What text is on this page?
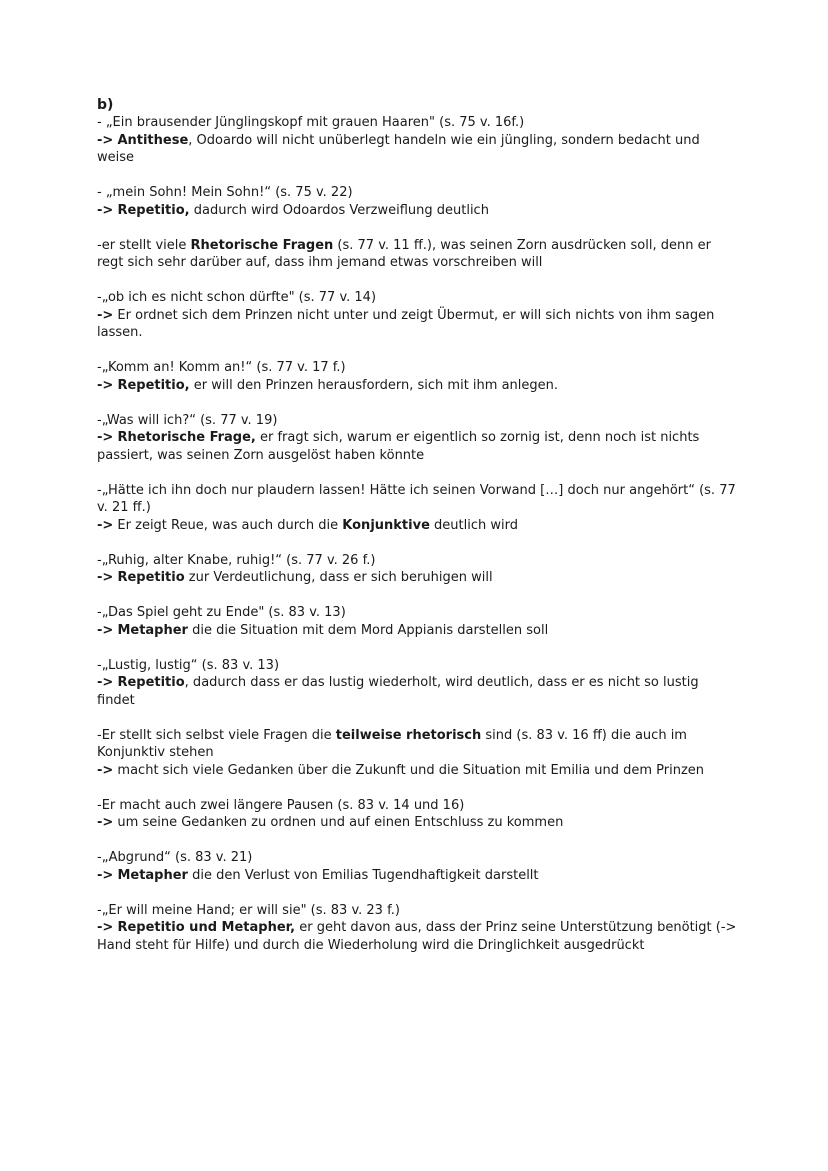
b)

- „Ein brausender Jünglingskopf mit grauen Haaren" (s. 75 v. 16f.)

-> Antithese, Odoardo will nicht unüberlegt handeln wie ein jüngling, sondern bedacht und weise

- „mein Sohn! Mein Sohn!“ (s. 75 v. 22)

-> Repetitio, dadurch wird Odoardos Verzweiflung deutlich

-er stellt viele Rhetorische Fragen (s. 77 v. 11 ff.), was seinen Zorn ausdrücken soll, denn er regt sich sehr darüber auf, dass ihm jemand etwas vorschreiben will

-„ob ich es nicht schon dürfte" (s. 77 v. 14)

-> Er ordnet sich dem Prinzen nicht unter und zeigt Übermut, er will sich nichts von ihm sagen lassen.

-„Komm an! Komm an!“ (s. 77 v. 17 f.)

-> Repetitio, er will den Prinzen herausfordern, sich mit ihm anlegen.

-„Was will ich?“ (s. 77 v. 19)

-> Rhetorische Frage, er fragt sich, warum er eigentlich so zornig ist, denn noch ist nichts passiert, was seinen Zorn ausgelöst haben könnte

-„Hätte ich ihn doch nur plaudern lassen! Hätte ich seinen Vorwand […] doch nur angehört“ (s. 77 v. 21 ff.)

-> Er zeigt Reue, was auch durch die Konjunktive deutlich wird

-„Ruhig, alter Knabe, ruhig!“ (s. 77 v. 26 f.)

-> Repetitio zur Verdeutlichung, dass er sich beruhigen will

-„Das Spiel geht zu Ende" (s. 83 v. 13)

-> Metapher die die Situation mit dem Mord Appianis darstellen soll

-„Lustig, lustig“ (s. 83 v. 13)

-> Repetitio, dadurch dass er das lustig wiederholt, wird deutlich, dass er es nicht so lustig findet

-Er stellt sich selbst viele Fragen die teilweise rhetorisch sind (s. 83 v. 16 ff) die auch im Konjunktiv stehen

-> macht sich viele Gedanken über die Zukunft und die Situation mit Emilia und dem Prinzen

-Er macht auch zwei längere Pausen (s. 83 v. 14 und 16)

-> um seine Gedanken zu ordnen und auf einen Entschluss zu kommen

-„Abgrund“ (s. 83 v. 21)

-> Metapher die den Verlust von Emilias Tugendhaftigkeit darstellt

-„Er will meine Hand; er will sie" (s. 83 v. 23 f.)

-> Repetitio und Metapher, er geht davon aus, dass der Prinz seine Unterstützung benötigt (-> Hand steht für Hilfe) und durch die Wiederholung wird die Dringlichkeit ausgedrückt
